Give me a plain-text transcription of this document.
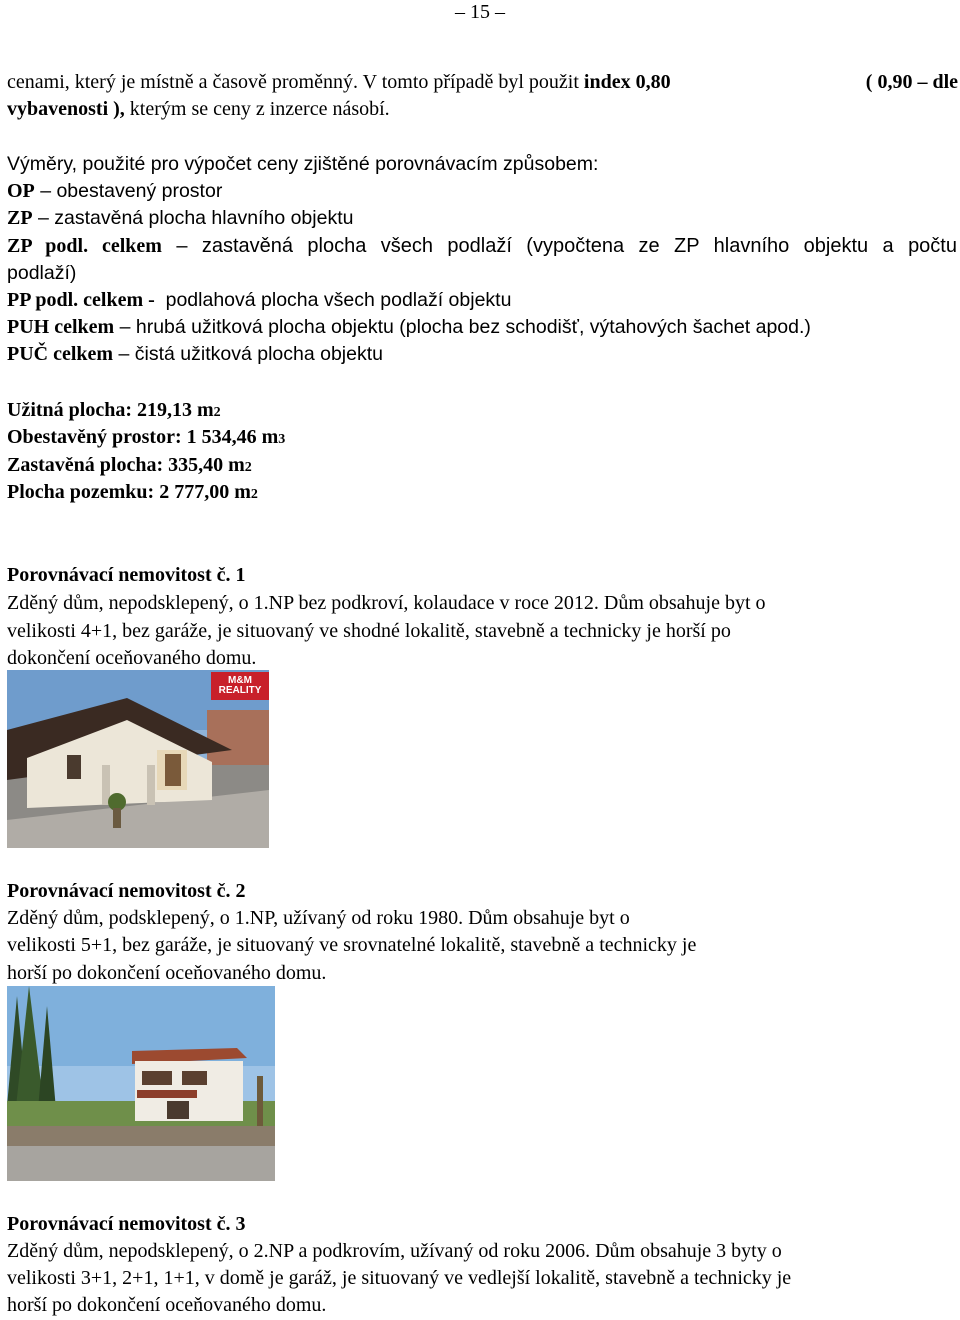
– 15 –
cenami, který je místně a časově proměnný. V tomto případě byl použit index 0,80	( 0,90 – dle
vybavenosti ), kterým se ceny z inzerce násobí.
Výměry, použité pro výpočet ceny zjištěné porovnávacím způsobem:
OP – obestavený prostor
ZP – zastavěná plocha hlavního objektu
ZP podl. celkem – zastavěná plocha všech podlaží (vypočtena ze ZP hlavního objektu a počtu
podlaží)
PP podl. celkem -  podlahová plocha všech podlaží objektu
PUH celkem – hrubá užitková plocha objektu (plocha bez schodišť, výtahových šachet apod.)
PUČ celkem – čistá užitková plocha objektu
Užitná plocha: 219,13 m2
Obestavěný prostor: 1 534,46 m3
Zastavěná plocha: 335,40 m2
Plocha pozemku: 2 777,00 m2
Porovnávací nemovitost č. 1
Zděný dům, nepodsklepený, o 1.NP bez podkroví, kolaudace v roce 2012. Dům obsahuje byt o
velikosti 4+1, bez garáže, je situovaný ve shodné lokalitě, stavebně a technicky je horší po
dokončení oceňovaného domu.
M&M REALITY
Porovnávací nemovitost č. 2
Zděný dům, podsklepený, o 1.NP, užívaný od roku 1980. Dům obsahuje byt o
velikosti 5+1, bez garáže, je situovaný ve srovnatelné lokalitě, stavebně a technicky je
horší po dokončení oceňovaného domu.
Porovnávací nemovitost č. 3
Zděný dům, nepodsklepený, o 2.NP a podkrovím, užívaný od roku 2006. Dům obsahuje 3 byty o
velikosti 3+1, 2+1, 1+1, v domě je garáž, je situovaný ve vedlejší lokalitě, stavebně a technicky je
horší po dokončení oceňovaného domu.
